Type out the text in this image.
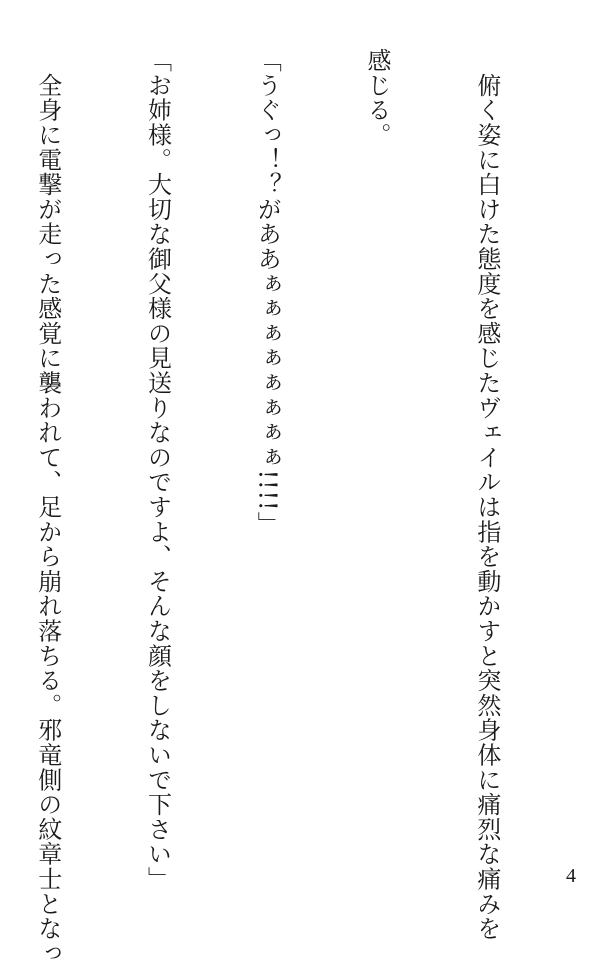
　俯く姿に白けた態度を感じたヴェイルは指を動かすと突然身体に痛烈な痛みを

感じる。

「うぐっ！？がああぁぁぁぁぁぁぁぁ!!!!」

「お姉様。大切な御父様の見送りなのですよ、そんな顔をしないで下さい」

　全身に電撃が走った感覚に襲われて、足から崩れ落ちる。邪竜側の紋章士となっ

	4
